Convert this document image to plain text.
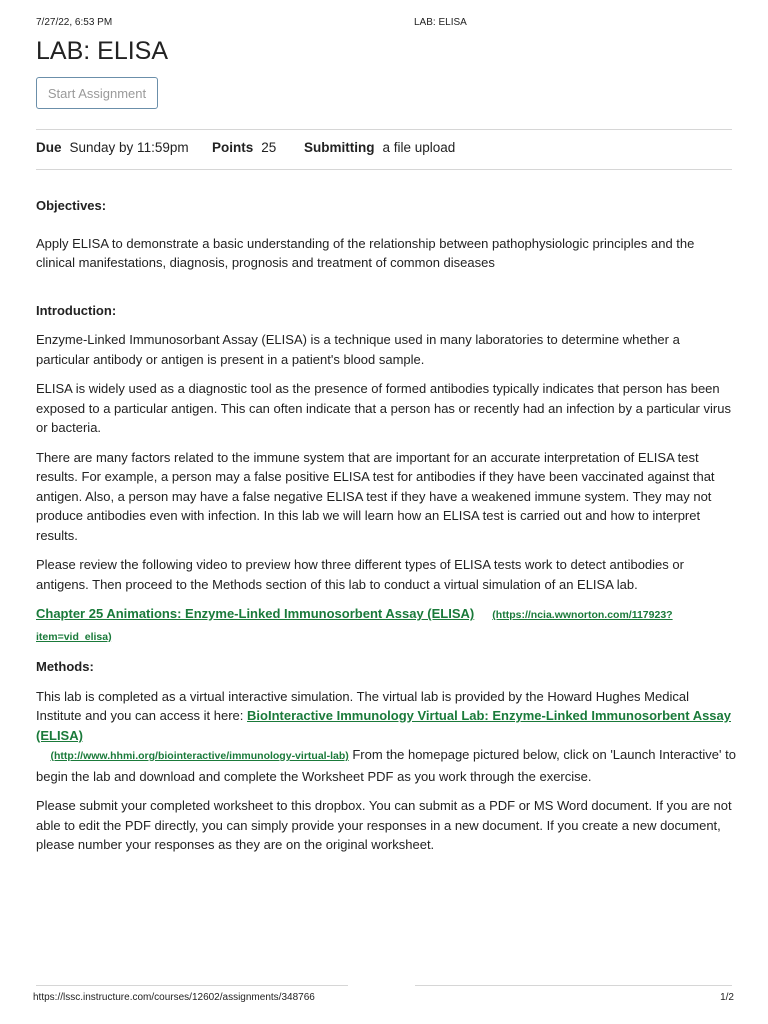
7/27/22, 6:53 PM	LAB: ELISA
LAB: ELISA
Start Assignment
Due Sunday by 11:59pm Points 25 Submitting a file upload
Objectives:

Apply ELISA to demonstrate a basic understanding of the relationship between pathophysiologic principles and the clinical manifestations, diagnosis, prognosis and treatment of common diseases

Introduction:

Enzyme-Linked Immunosorbant Assay (ELISA) is a technique used in many laboratories to determine whether a particular antibody or antigen is present in a patient's blood sample.

ELISA is widely used as a diagnostic tool as the presence of formed antibodies typically indicates that person has been exposed to a particular antigen. This can often indicate that a person has or recently had an infection by a particular virus or bacteria.

There are many factors related to the immune system that are important for an accurate interpretation of ELISA test results. For example, a person may a false positive ELISA test for antibodies if they have been vaccinated against that antigen. Also, a person may have a false negative ELISA test if they have a weakened immune system. They may not produce antibodies even with infection. In this lab we will learn how an ELISA test is carried out and how to interpret results.

Please review the following video to preview how three different types of ELISA tests work to detect antibodies or antigens. Then proceed to the Methods section of this lab to conduct a virtual simulation of an ELISA lab.

Chapter 25 Animations: Enzyme-Linked Immunosorbent Assay (ELISA) (https://ncia.wwnorton.com/117923?item=vid_elisa)

Methods:

This lab is completed as a virtual interactive simulation. The virtual lab is provided by the Howard Hughes Medical Institute and you can access it here: BioInteractive Immunology Virtual Lab: Enzyme-Linked Immunosorbent Assay (ELISA)
(http://www.hhmi.org/biointeractive/immunology-virtual-lab) From the homepage pictured below, click on 'Launch Interactive' to begin the lab and download and complete the Worksheet PDF as you work through the exercise.

Please submit your completed worksheet to this dropbox. You can submit as a PDF or MS Word document. If you are not able to edit the PDF directly, you can simply provide your responses in a new document. If you create a new document, please number your responses as they are on the original worksheet.

https://lssc.instructure.com/courses/12602/assignments/348766	1/2
